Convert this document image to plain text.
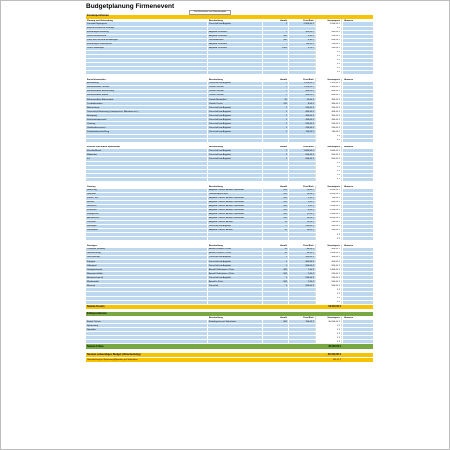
Budgetplanung Firmenevent
Die Buchstaben sind Datenbeispiele
Kostenpositionen
Planung und Vorbereitung	Beschreibung	Anzahl	Preis/Einh.	Gesamtpreis	Hinweise
Location/Tagungsort	Pauschal laut Angebot	1	2.000,00 €	2.000,00 €
Externe Kosten für Planung	0 €
Einladungen/Werbung	Angebot Druckerei	1	500,00 €	500,00 €
Druck/Drucksachen	Angebot Druckerei	500	0,50 €	250,00 €
Porto und Versand Einladungen	Versandkosten	500	0,80 €	400,00 €
Einladungen Dienstleister	Angebot Druckerei	1	150,00 €	150,00 €
Druck Werbeflyer	Angebot Druckerei	1000	0,20 €	200,00 €
0 €
0 €
0 €
0 €
0 €
0 €
Event-Infrastruktur	Beschreibung	Anzahl	Preis/Einh.	Gesamtpreis	Hinweise
Ausstattung	Pauschal laut Angebot	1	1.200,00 €	1.200,00 €
Bühnenaufbau Technik	Verleih Technik	1	1.500,00 €	1.500,00 €
Bühnenaufbau Beleuchtung	Verleih Technik	1	800,00 €	800,00 €
Bühnenaufbau Bühne	Verleih Technik	1	600,00 €	600,00 €
Bühnenaufbau Bühnenteile	Verleih Mietmöbel	20	15,00 €	300,00 €
Tischdekoration	Verleih Tische	120	8,00 €	960,00 €
Beleuchtung	Pauschal laut Angebot	1	250,00 €	250,00 €
Technische Betreuung (Lautsprecher, Mikrofone etc.)	Pauschal laut Angebot	1	400,00 €	400,00 €
Reinigung	Pauschal laut Angebot	1	300,00 €	300,00 €
Sicherheitspersonal	Pauschal laut Angebot	1	450,00 €	450,00 €
Catering	Pauschal laut Angebot	1	550,00 €	550,00 €
Garderobenservice	Pauschal laut Angebot	1	200,00 €	200,00 €
Parkplatzbereitstellung	Pauschal laut Angebot	1	150,00 €	150,00 €
0 €
0 €
Künstler und andere Mitwirkende	Beschreibung	Anzahl	Preis/Einh.	Gesamtpreis	Hinweise
Künstler/Band	Pauschal laut Angebot	1	1.800,00 €	1.800,00 €
Moderator	Pauschal laut Angebot	1	500,00 €	500,00 €
DJ	Pauschal laut Angebot	1	600,00 €	600,00 €
0 €
0 €
0 €
0 €
0 €
Catering	Beschreibung	Anzahl	Preis/Einh.	Gesamtpreis	Hinweise
Bewirtung	Angebot Caterer, Anzahl Teilnehmer	200	25,00 €	5.000,00 €
Getränke	Getränkepauschale	200	15,00 €	3.000,00 €
Kaffee, Tee	Angebot Caterer, Anzahl Teilnehmer	200	3,50 €	700,00 €
Snacks	Angebot Caterer, Anzahl Teilnehmer	200	4,00 €	800,00 €
Nachtisch	Angebot Caterer, Anzahl Teilnehmer	200	5,00 €	1.000,00 €
Frühstück	Angebot Caterer, Anzahl Teilnehmer	200	6,00 €	1.200,00 €
Mittagessen	Angebot Caterer, Anzahl Teilnehmer	200	12,00 €	2.400,00 €
Abendessen	Angebot Caterer, Anzahl Teilnehmer	200	18,00 €	3.600,00 €
Personal	Angebot Caterer, Anzahl	10	25,00 €	250,00 €
Sonstiges	Pauschal laut Angebot	1	200,00 €	200,00 €
Dekoration	Angebot Caterer, Anzahl	20	10,00 €	200,00 €
0 €
0 €
Sonstiges	Beschreibung	Anzahl	Preis/Einh.	Gesamtpreis	Hinweise
Transport (Shuttle)	Anzahl Fahrten x Preis	10	80,00 €	800,00 €
Übernachtung	Anzahl Zimmer x Preis	20	95,00 €	1.900,00 €
Versicherung	Pauschal laut Angebot	1	300,00 €	300,00 €
Fotograf	Pauschal laut Angebot	1	600,00 €	600,00 €
Videograf	Pauschal laut Angebot	1	900,00 €	900,00 €
Gastgeschenke	Anzahl Teilnehmer x Preis	200	7,00 €	1.400,00 €
Namensschilder	Anzahl Teilnehmer x Preis	200	1,00 €	200,00 €
Blumenschmuck	Pauschal laut Angebot	1	250,00 €	250,00 €
Werbemittel	Anzahl x Preis	200	2,50 €	500,00 €
Reserve	Pauschal	1	500,00 €	500,00 €
0 €
0 €
0 €
0 €
Summe Kosten	50.310,00 €
Erlöspositionen
Beschreibung	Anzahl	Preis/Einh.	Gesamtpreis	Hinweise
Eintritt Tickets	Eintrittspreis pro Teilnehmer	200	150,00 €	30.000,00 €
Sponsoring	0 €
Spenden	0 €
0 €
0 €
0 €
Summe Erlöse	30.000,00 €
Summe notwendiges Budget (Unterdeckung)	20.310,00 €
Unterdeckung bei Sponsoring/Spenden pro Teilnehmer	101,55 €
